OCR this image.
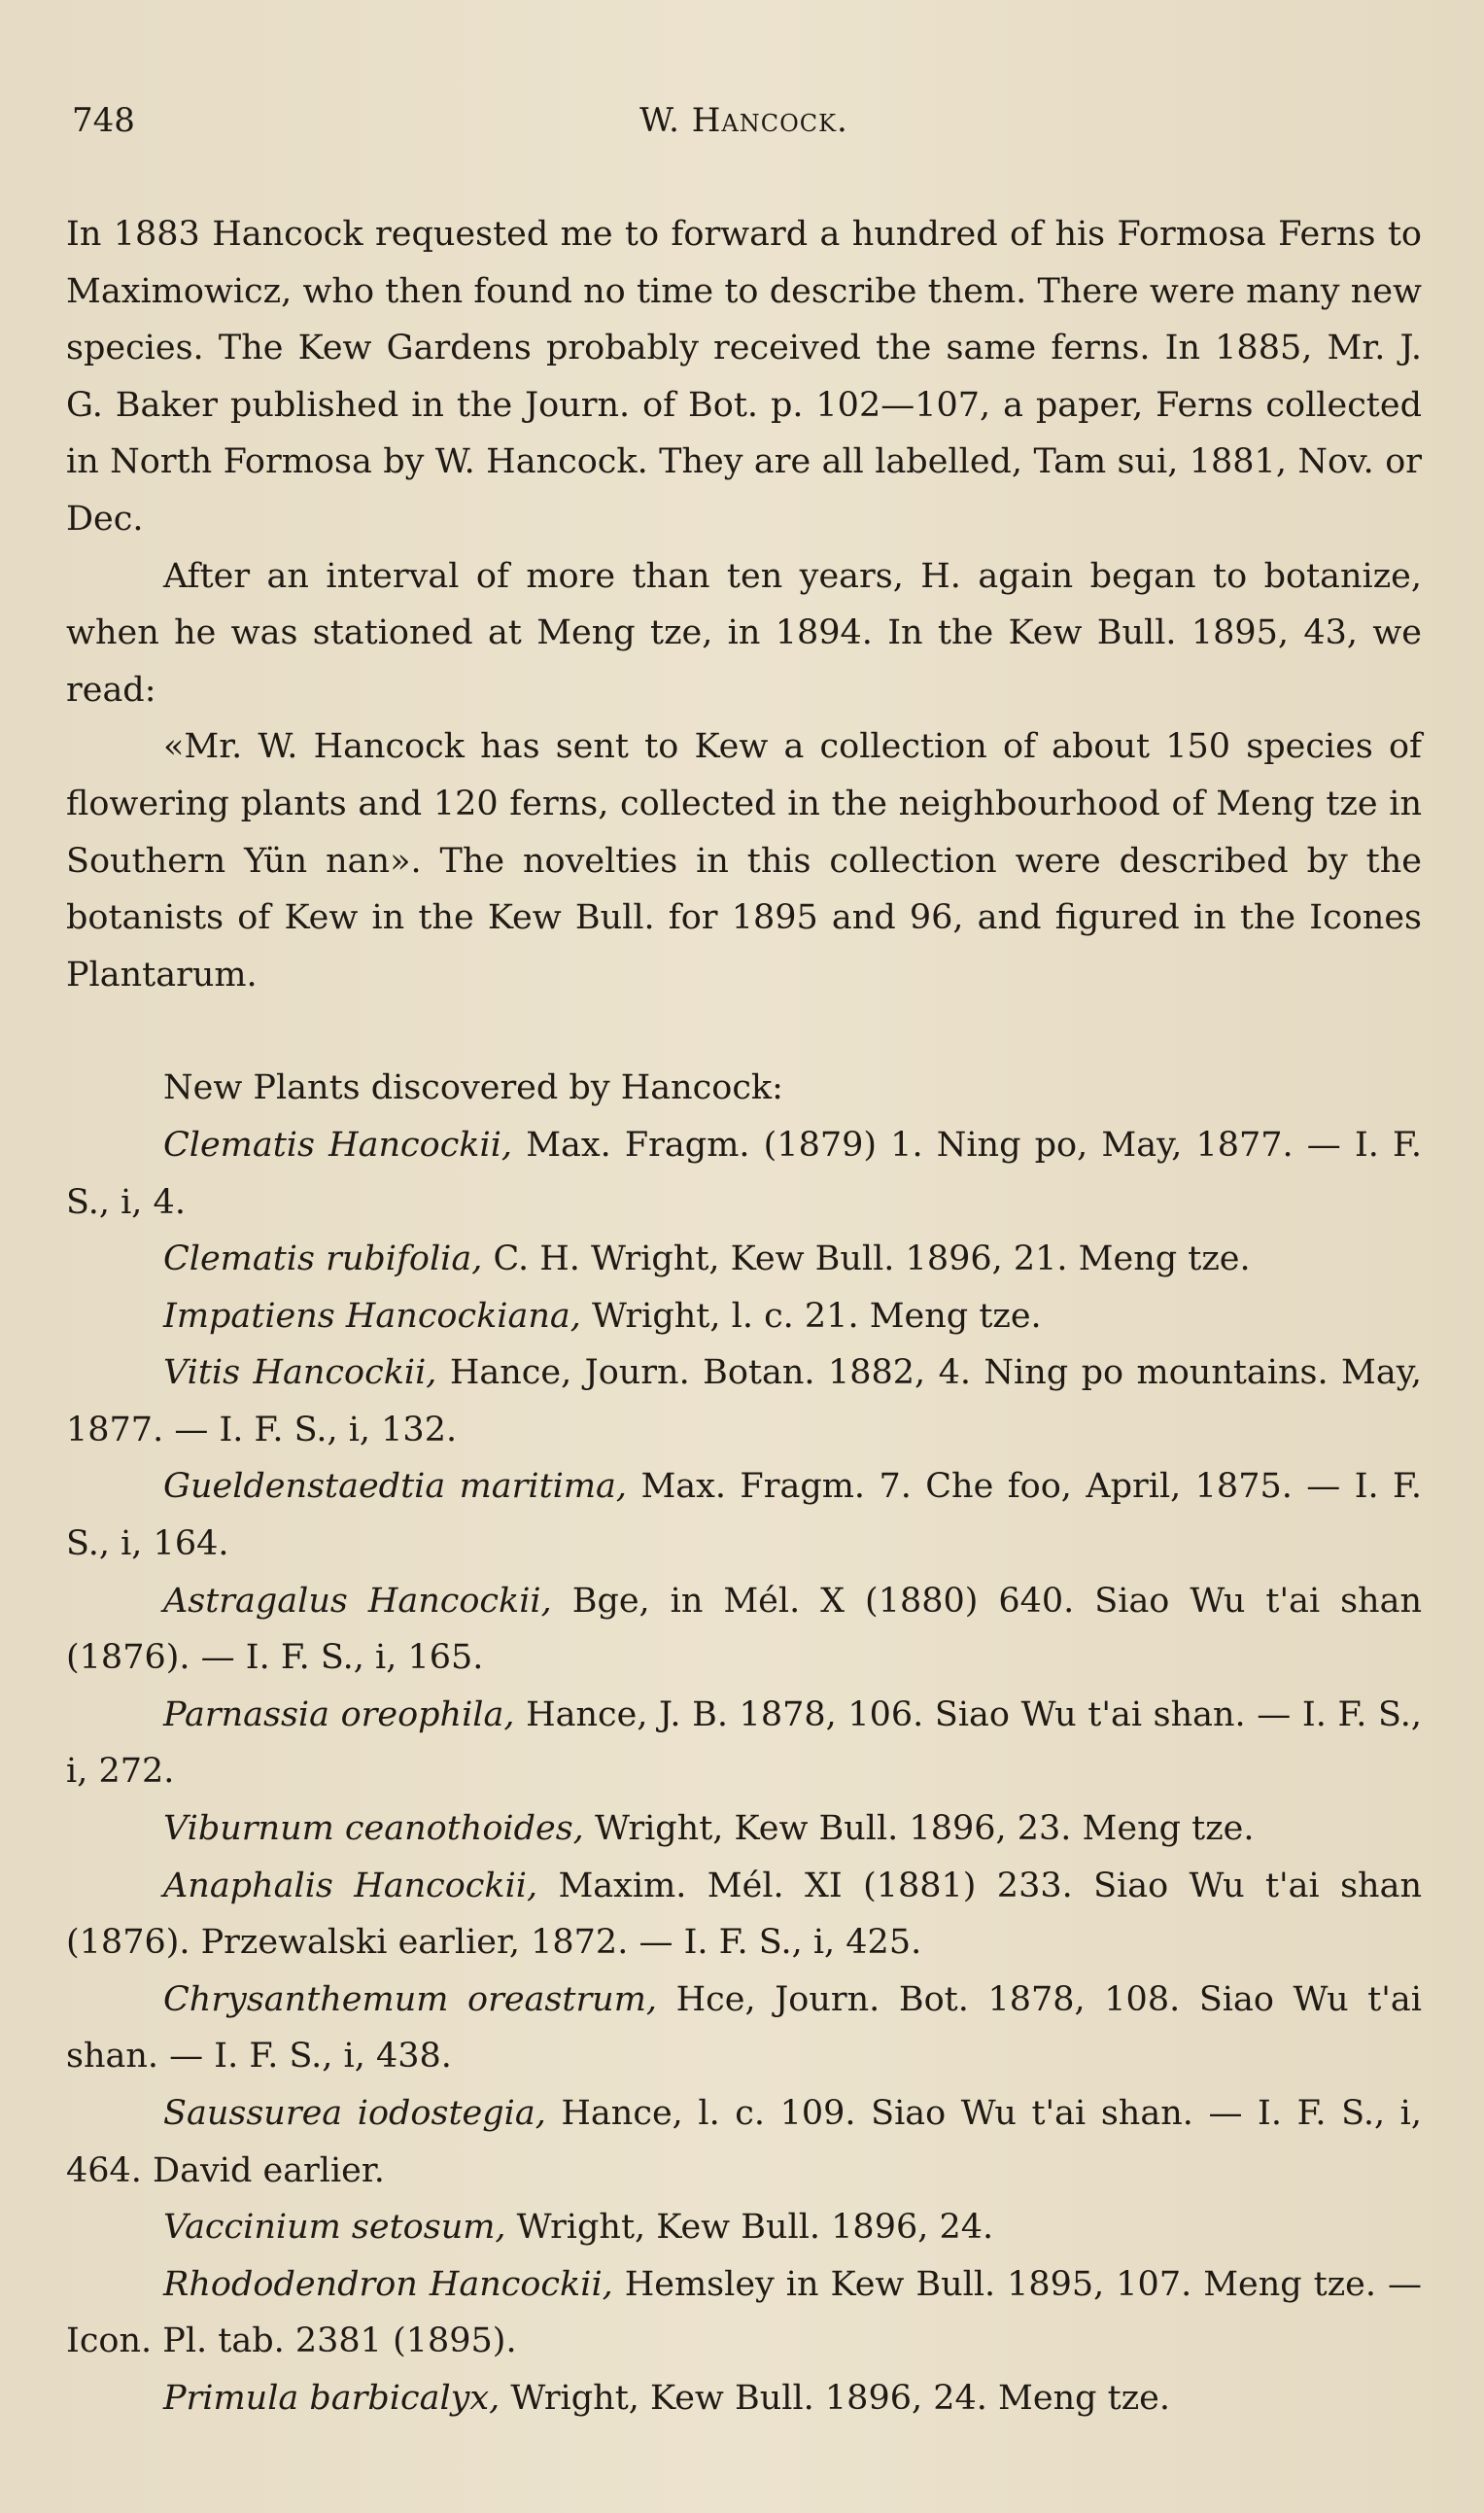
748	W. Hancock.

In 1883 Hancock requested me to forward a hundred of his Formosa Ferns to Maximowicz, who then found no time to describe them. There were many new species. The Kew Gardens probably received the same ferns. In 1885, Mr. J. G. Baker published in the Journ. of Bot. p. 102—107, a paper, Ferns collected in North Formosa by W. Hancock. They are all labelled, Tam sui, 1881, Nov. or Dec.

After an interval of more than ten years, H. again began to botanize, when he was stationed at Meng tze, in 1894. In the Kew Bull. 1895, 43, we read:

«Mr. W. Hancock has sent to Kew a collection of about 150 species of flowering plants and 120 ferns, collected in the neighbourhood of Meng tze in Southern Yün nan». The novelties in this collection were described by the botanists of Kew in the Kew Bull. for 1895 and 96, and figured in the Icones Plantarum.

New Plants discovered by Hancock:

Clematis Hancockii, Max. Fragm. (1879) 1. Ning po, May, 1877. — I. F. S., i, 4.

Clematis rubifolia, C. H. Wright, Kew Bull. 1896, 21. Meng tze.

Impatiens Hancockiana, Wright, l. c. 21. Meng tze.

Vitis Hancockii, Hance, Journ. Botan. 1882, 4. Ning po mountains. May, 1877. — I. F. S., i, 132.

Gueldenstaedtia maritima, Max. Fragm. 7. Che foo, April, 1875. — I. F. S., i, 164.

Astragalus Hancockii, Bge, in Mél. X (1880) 640. Siao Wu t'ai shan (1876). — I. F. S., i, 165.

Parnassia oreophila, Hance, J. B. 1878, 106. Siao Wu t'ai shan. — I. F. S., i, 272.

Viburnum ceanothoides, Wright, Kew Bull. 1896, 23. Meng tze.

Anaphalis Hancockii, Maxim. Mél. XI (1881) 233. Siao Wu t'ai shan (1876). Przewalski earlier, 1872. — I. F. S., i, 425.

Chrysanthemum oreastrum, Hce, Journ. Bot. 1878, 108. Siao Wu t'ai shan. — I. F. S., i, 438.

Saussurea iodostegia, Hance, l. c. 109. Siao Wu t'ai shan. — I. F. S., i, 464. David earlier.

Vaccinium setosum, Wright, Kew Bull. 1896, 24.

Rhododendron Hancockii, Hemsley in Kew Bull. 1895, 107. Meng tze. — Icon. Pl. tab. 2381 (1895).

Primula barbicalyx, Wright, Kew Bull. 1896, 24. Meng tze.
